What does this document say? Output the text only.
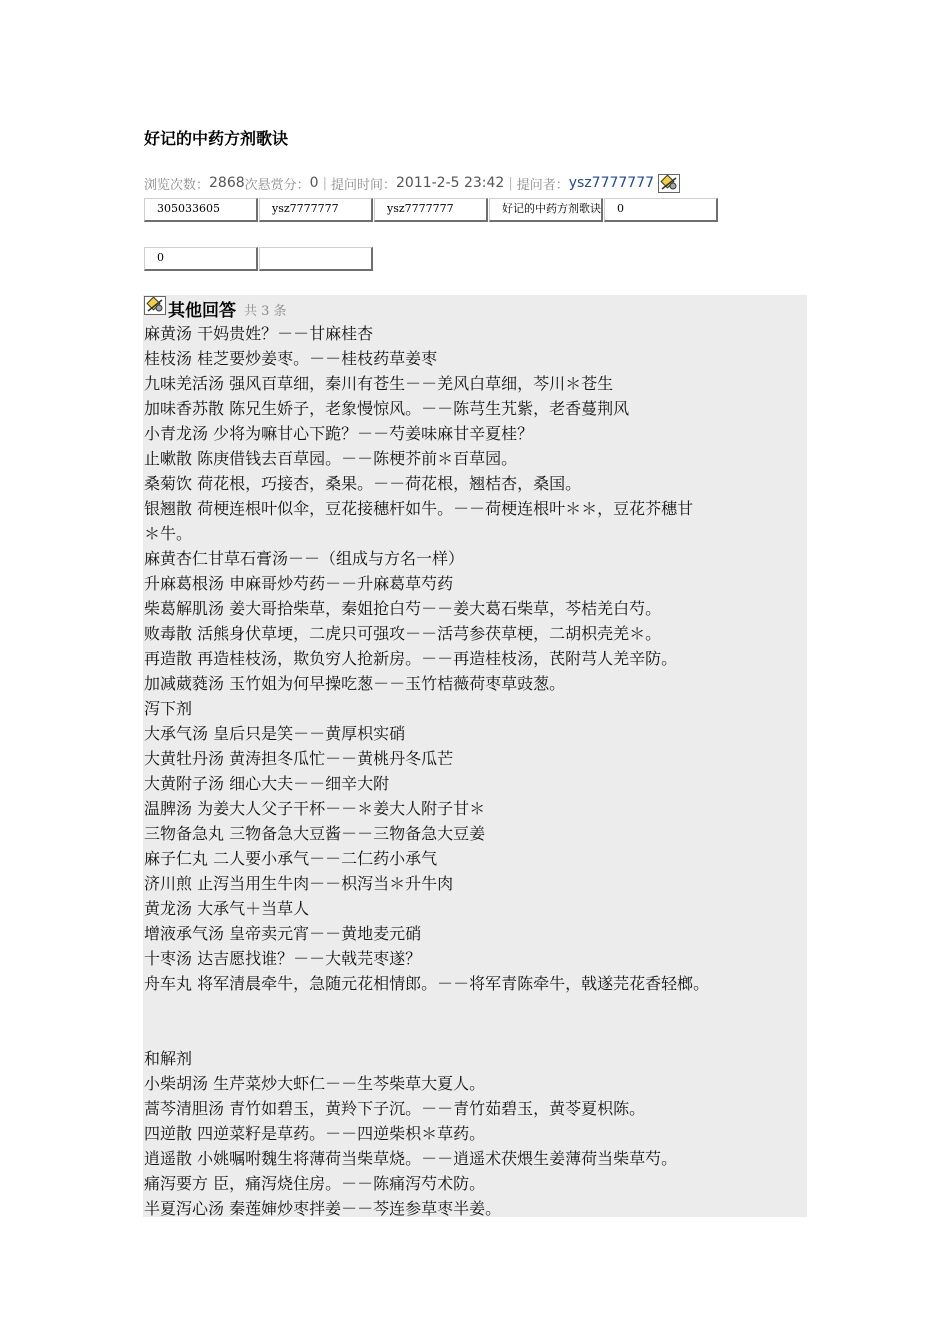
好记的中药方剂歌诀
浏览次数： 2868 次悬赏分： 0 | 提问时间： 2011-2-5 23:42 | 提问者： ysz7777777
305033605	ysz7777777	ysz7777777	好记的中药方剂歌诀	0
0
其他回答 共 3 条
麻黄汤 干妈贵姓？－－甘麻桂杏
桂枝汤 桂芝要炒姜枣。－－桂枝药草姜枣
九味羌活汤 强风百草细，秦川有苍生－－羌风白草细，芩川＊苍生
加味香苏散 陈兄生娇子，老象慢惊风。－－陈芎生艽紫，老香蔓荆风
小青龙汤 少将为嘛甘心下跪？－－芍姜味麻甘辛夏桂？
止嗽散 陈庚借钱去百草园。－－陈梗芥前＊百草园。
桑菊饮 荷花根，巧接杏，桑果。－－荷花根，翘桔杏，桑国。
银翘散 荷梗连根叶似伞，豆花接穗杆如牛。－－荷梗连根叶＊＊，豆花芥穗甘
＊牛。
麻黄杏仁甘草石膏汤－－（组成与方名一样）
升麻葛根汤 申麻哥炒芍药－－升麻葛草芍药
柴葛解肌汤 姜大哥拾柴草，秦姐抢白芍－－姜大葛石柴草，芩桔羌白芍。
败毒散 活熊身伏草埂，二虎只可强攻－－活芎参茯草梗，二胡枳壳羌＊。
再造散 再造桂枝汤，欺负穷人抢新房。－－再造桂枝汤，芪附芎人羌辛防。
加减葳蕤汤 玉竹姐为何早操吃葱－－玉竹桔薇荷枣草豉葱。
泻下剂
大承气汤 皇后只是笑－－黄厚枳实硝
大黄牡丹汤 黄涛担冬瓜忙－－黄桃丹冬瓜芒
大黄附子汤 细心大夫－－细辛大附
温脾汤 为姜大人父子干杯－－＊姜大人附子甘＊
三物备急丸 三物备急大豆酱－－三物备急大豆姜
麻子仁丸 二人要小承气－－二仁药小承气
济川煎 止泻当用生牛肉－－枳泻当＊升牛肉
黄龙汤 大承气＋当草人
增液承气汤 皇帝卖元宵－－黄地麦元硝
十枣汤 达吉愿找谁？－－大戟芫枣遂？
舟车丸 将军清晨牵牛，急随元花相情郎。－－将军青陈牵牛，戟遂芫花香轻榔。
和解剂
小柴胡汤 生芹菜炒大虾仁－－生芩柴草大夏人。
蒿芩清胆汤 青竹如碧玉，黄羚下子沉。－－青竹茹碧玉，黄苓夏枳陈。
四逆散 四逆菜籽是草药。－－四逆柴枳＊草药。
逍遥散 小姚嘱咐魏生将薄荷当柴草烧。－－逍遥术茯煨生姜薄荷当柴草芍。
痛泻要方 臣，痛泻烧住房。－－陈痛泻芍术防。
半夏泻心汤 秦莲婶炒枣拌姜－－芩连参草枣半姜。
